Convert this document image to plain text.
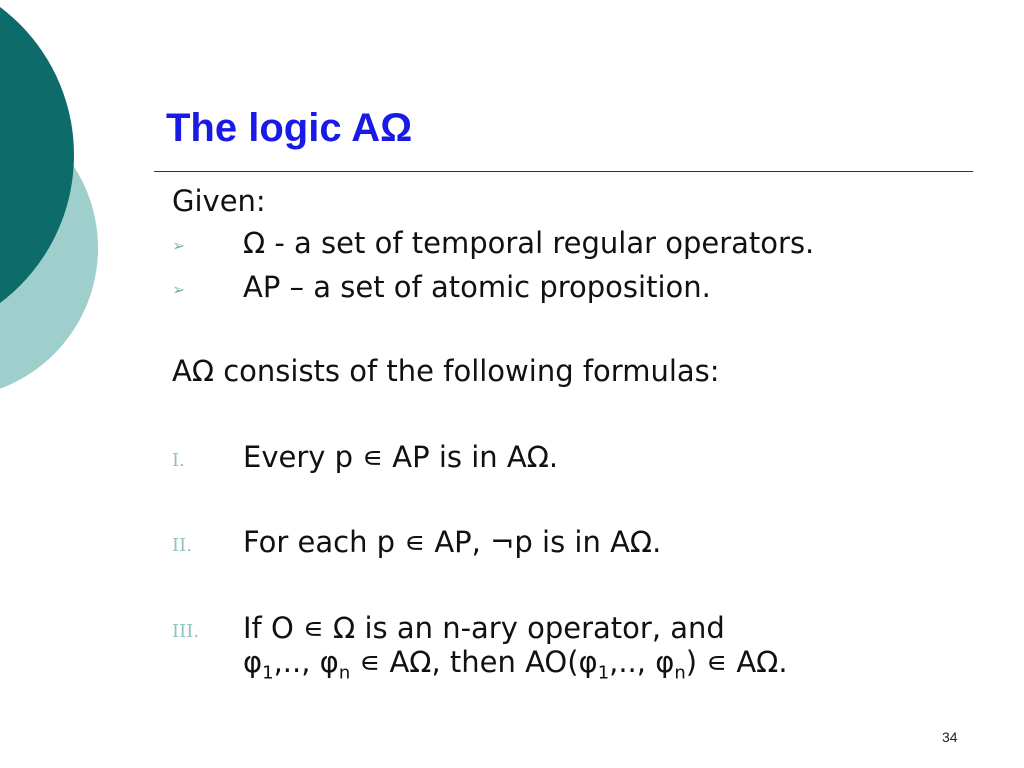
The logic AΩ
Given:
➢ Ω - a set of temporal regular operators.
➢ AP – a set of atomic proposition.
AΩ consists of the following formulas:
I. Every p ∊ AP is in AΩ.
II. For each p ∊ AP, ¬p is in AΩ.
III. If O ∊ Ω is an n-ary operator, and
$\varphi_1$,.., $\varphi_n$ ∊ AΩ, then $AO(\varphi_1$,.., $\varphi_n$) ∊ AΩ.
34
